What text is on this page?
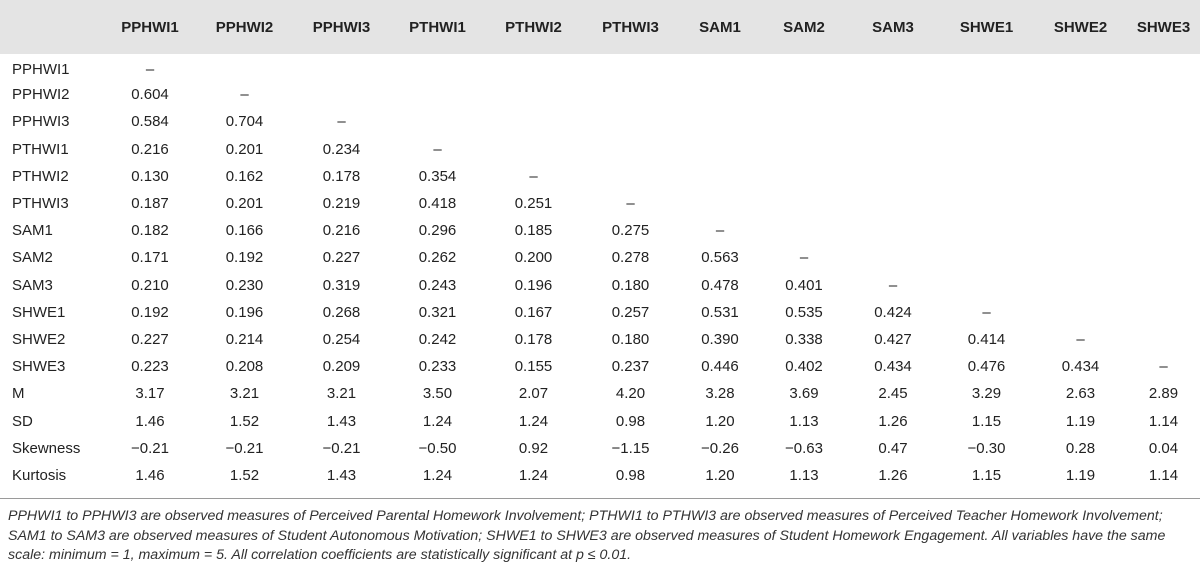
	PPHWI1	PPHWI2	PPHWI3	PTHWI1	PTHWI2	PTHWI3	SAM1	SAM2	SAM3	SHWE1	SHWE2	SHWE3
PPHWI1	–											
PPHWI2	0.604	–										
PPHWI3	0.584	0.704	–									
PTHWI1	0.216	0.201	0.234	–								
PTHWI2	0.130	0.162	0.178	0.354	–							
PTHWI3	0.187	0.201	0.219	0.418	0.251	–						
SAM1	0.182	0.166	0.216	0.296	0.185	0.275	–					
SAM2	0.171	0.192	0.227	0.262	0.200	0.278	0.563	–				
SAM3	0.210	0.230	0.319	0.243	0.196	0.180	0.478	0.401	–			
SHWE1	0.192	0.196	0.268	0.321	0.167	0.257	0.531	0.535	0.424	–		
SHWE2	0.227	0.214	0.254	0.242	0.178	0.180	0.390	0.338	0.427	0.414	–	
SHWE3	0.223	0.208	0.209	0.233	0.155	0.237	0.446	0.402	0.434	0.476	0.434	–
M	3.17	3.21	3.21	3.50	2.07	4.20	3.28	3.69	2.45	3.29	2.63	2.89
SD	1.46	1.52	1.43	1.24	1.24	0.98	1.20	1.13	1.26	1.15	1.19	1.14
Skewness	−0.21	−0.21	−0.21	−0.50	0.92	−1.15	−0.26	−0.63	0.47	−0.30	0.28	0.04
Kurtosis	1.46	1.52	1.43	1.24	1.24	0.98	1.20	1.13	1.26	1.15	1.19	1.14
PPHWI1 to PPHWI3 are observed measures of Perceived Parental Homework Involvement; PTHWI1 to PTHWI3 are observed measures of Perceived Teacher Homework Involvement; SAM1 to SAM3 are observed measures of Student Autonomous Motivation; SHWE1 to SHWE3 are observed measures of Student Homework Engagement. All variables have the same scale: minimum = 1, maximum = 5. All correlation coefficients are statistically significant at p ≤ 0.01.
